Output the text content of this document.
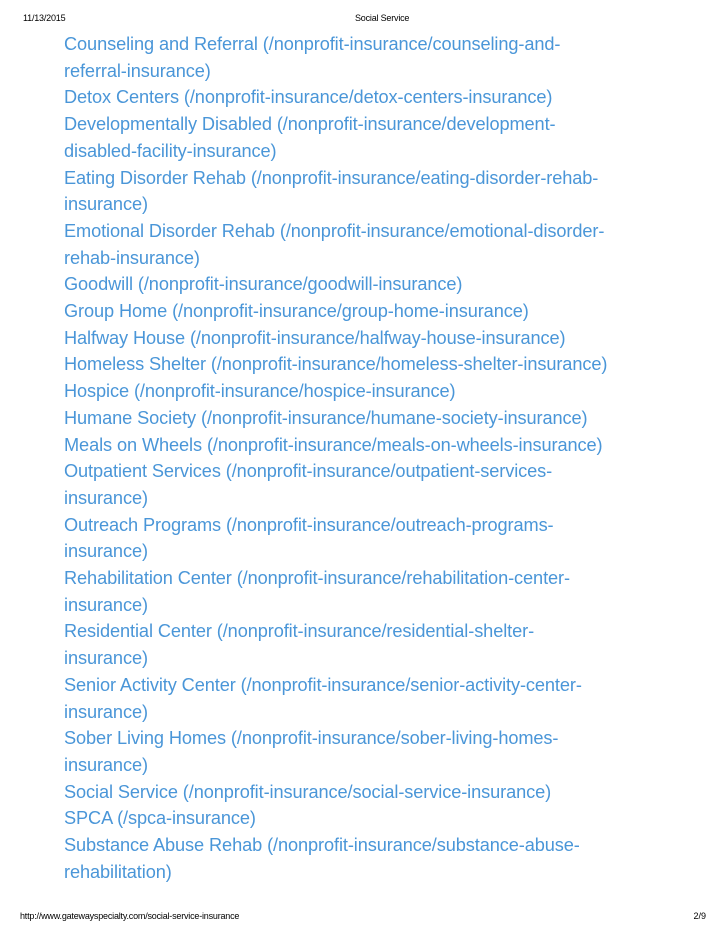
11/13/2015	Social Service
Counseling and Referral (/nonprofit-insurance/counseling-and-
referral-insurance)
Detox Centers (/nonprofit-insurance/detox-centers-insurance)
Developmentally Disabled (/nonprofit-insurance/development-
disabled-facility-insurance)
Eating Disorder Rehab (/nonprofit-insurance/eating-disorder-rehab-
insurance)
Emotional Disorder Rehab (/nonprofit-insurance/emotional-disorder-
rehab-insurance)
Goodwill (/nonprofit-insurance/goodwill-insurance)
Group Home (/nonprofit-insurance/group-home-insurance)
Halfway House (/nonprofit-insurance/halfway-house-insurance)
Homeless Shelter (/nonprofit-insurance/homeless-shelter-insurance)
Hospice (/nonprofit-insurance/hospice-insurance)
Humane Society (/nonprofit-insurance/humane-society-insurance)
Meals on Wheels (/nonprofit-insurance/meals-on-wheels-insurance)
Outpatient Services (/nonprofit-insurance/outpatient-services-
insurance)
Outreach Programs (/nonprofit-insurance/outreach-programs-
insurance)
Rehabilitation Center (/nonprofit-insurance/rehabilitation-center-
insurance)
Residential Center (/nonprofit-insurance/residential-shelter-
insurance)
Senior Activity Center (/nonprofit-insurance/senior-activity-center-
insurance)
Sober Living Homes (/nonprofit-insurance/sober-living-homes-
insurance)
Social Service (/nonprofit-insurance/social-service-insurance)
SPCA (/spca-insurance)
Substance Abuse Rehab (/nonprofit-insurance/substance-abuse-
rehabilitation)
http://www.gatewayspecialty.com/social-service-insurance	2/9
